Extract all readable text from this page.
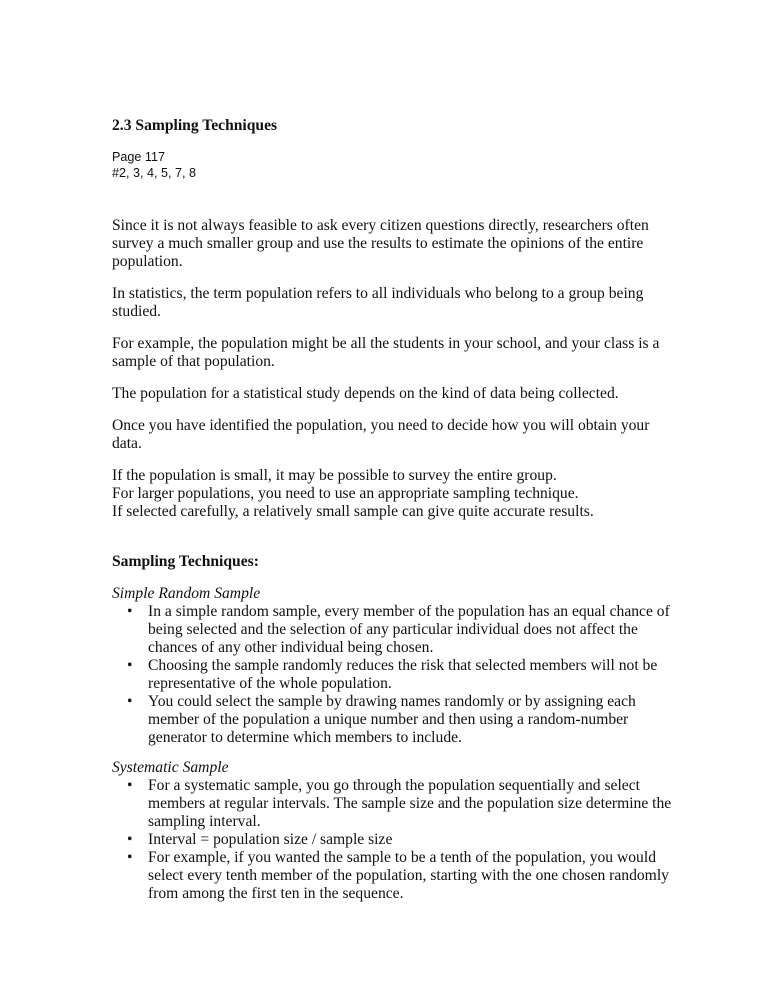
2.3 Sampling Techniques
Page 117
#2, 3, 4, 5, 7, 8

Since it is not always feasible to ask every citizen questions directly, researchers often survey a much smaller group and use the results to estimate the opinions of the entire population.

In statistics, the term population refers to all individuals who belong to a group being studied.

For example, the population might be all the students in your school, and your class is a sample of that population.

The population for a statistical study depends on the kind of data being collected.

Once you have identified the population, you need to decide how you will obtain your data.

If the population is small, it may be possible to survey the entire group.
For larger populations, you need to use an appropriate sampling technique.
If selected carefully, a relatively small sample can give quite accurate results.
Sampling Techniques:
Simple Random Sample
• In a simple random sample, every member of the population has an equal chance of being selected and the selection of any particular individual does not affect the chances of any other individual being chosen.
• Choosing the sample randomly reduces the risk that selected members will not be representative of the whole population.
• You could select the sample by drawing names randomly or by assigning each member of the population a unique number and then using a random-number generator to determine which members to include.
Systematic Sample
• For a systematic sample, you go through the population sequentially and select members at regular intervals. The sample size and the population size determine the sampling interval.
• Interval = population size / sample size
• For example, if you wanted the sample to be a tenth of the population, you would select every tenth member of the population, starting with the one chosen randomly from among the first ten in the sequence.
